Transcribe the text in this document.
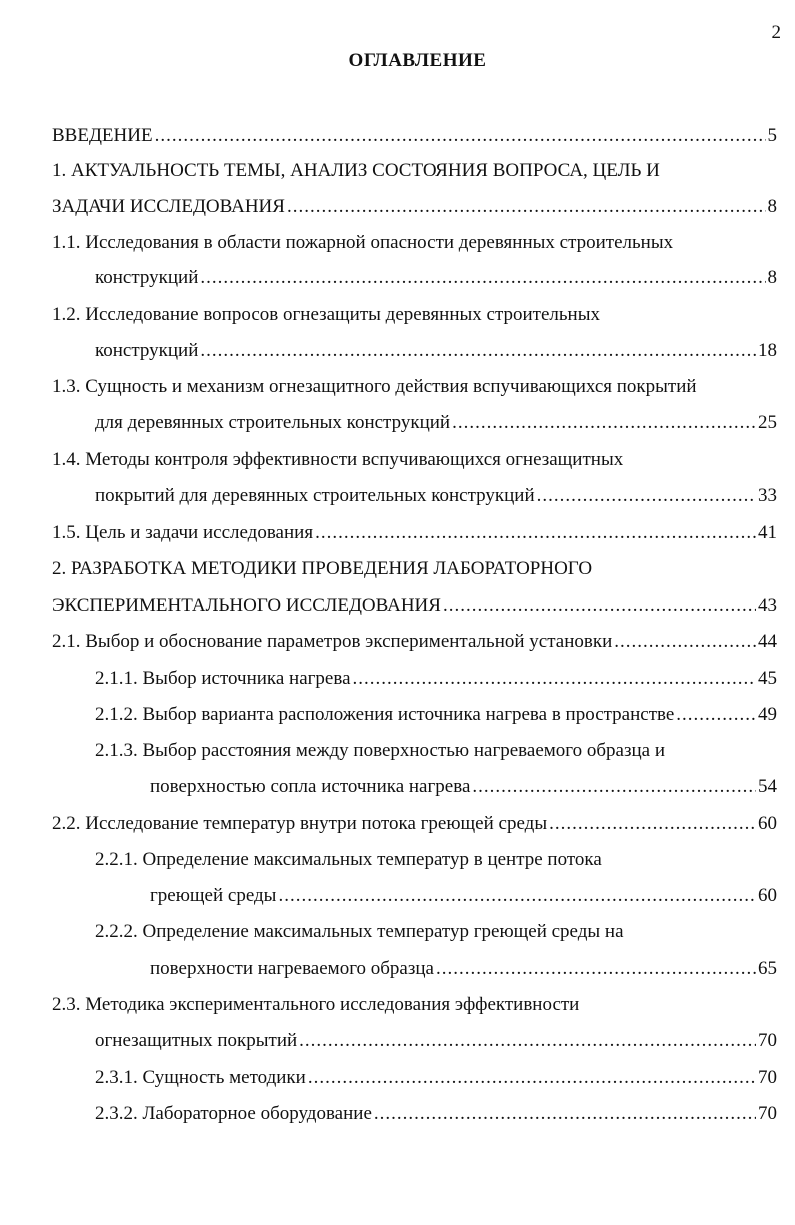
2
ОГЛАВЛЕНИЕ
ВВЕДЕНИЕ .....	5
1. АКТУАЛЬНОСТЬ ТЕМЫ, АНАЛИЗ СОСТОЯНИЯ ВОПРОСА, ЦЕЛЬ И
ЗАДАЧИ ИССЛЕДОВАНИЯ .....	8
1.1. Исследования в области пожарной опасности деревянных строительных
конструкций .....	8
1.2. Исследование вопросов огнезащиты деревянных строительных
конструкций .....	18
1.3. Сущность и механизм огнезащитного действия вспучивающихся покрытий
для деревянных строительных конструкций .....	25
1.4. Методы контроля эффективности вспучивающихся огнезащитных
покрытий для деревянных строительных конструкций .....	33
1.5. Цель и задачи исследования .....	41
2. РАЗРАБОТКА МЕТОДИКИ ПРОВЕДЕНИЯ ЛАБОРАТОРНОГО
ЭКСПЕРИМЕНТАЛЬНОГО ИССЛЕДОВАНИЯ .....	43
2.1. Выбор и обоснование параметров экспериментальной установки .....	44
2.1.1. Выбор источника нагрева .....	45
2.1.2. Выбор варианта расположения источника нагрева в пространстве .....	49
2.1.3. Выбор расстояния между поверхностью нагреваемого образца и
поверхностью сопла источника нагрева .....	54
2.2. Исследование температур внутри потока греющей среды .....	60
2.2.1. Определение максимальных температур в центре потока
греющей среды .....	60
2.2.2. Определение максимальных температур греющей среды на
поверхности нагреваемого образца .....	65
2.3. Методика экспериментального исследования эффективности
огнезащитных покрытий .....	70
2.3.1. Сущность методики .....	70
2.3.2. Лабораторное оборудование .....	70
